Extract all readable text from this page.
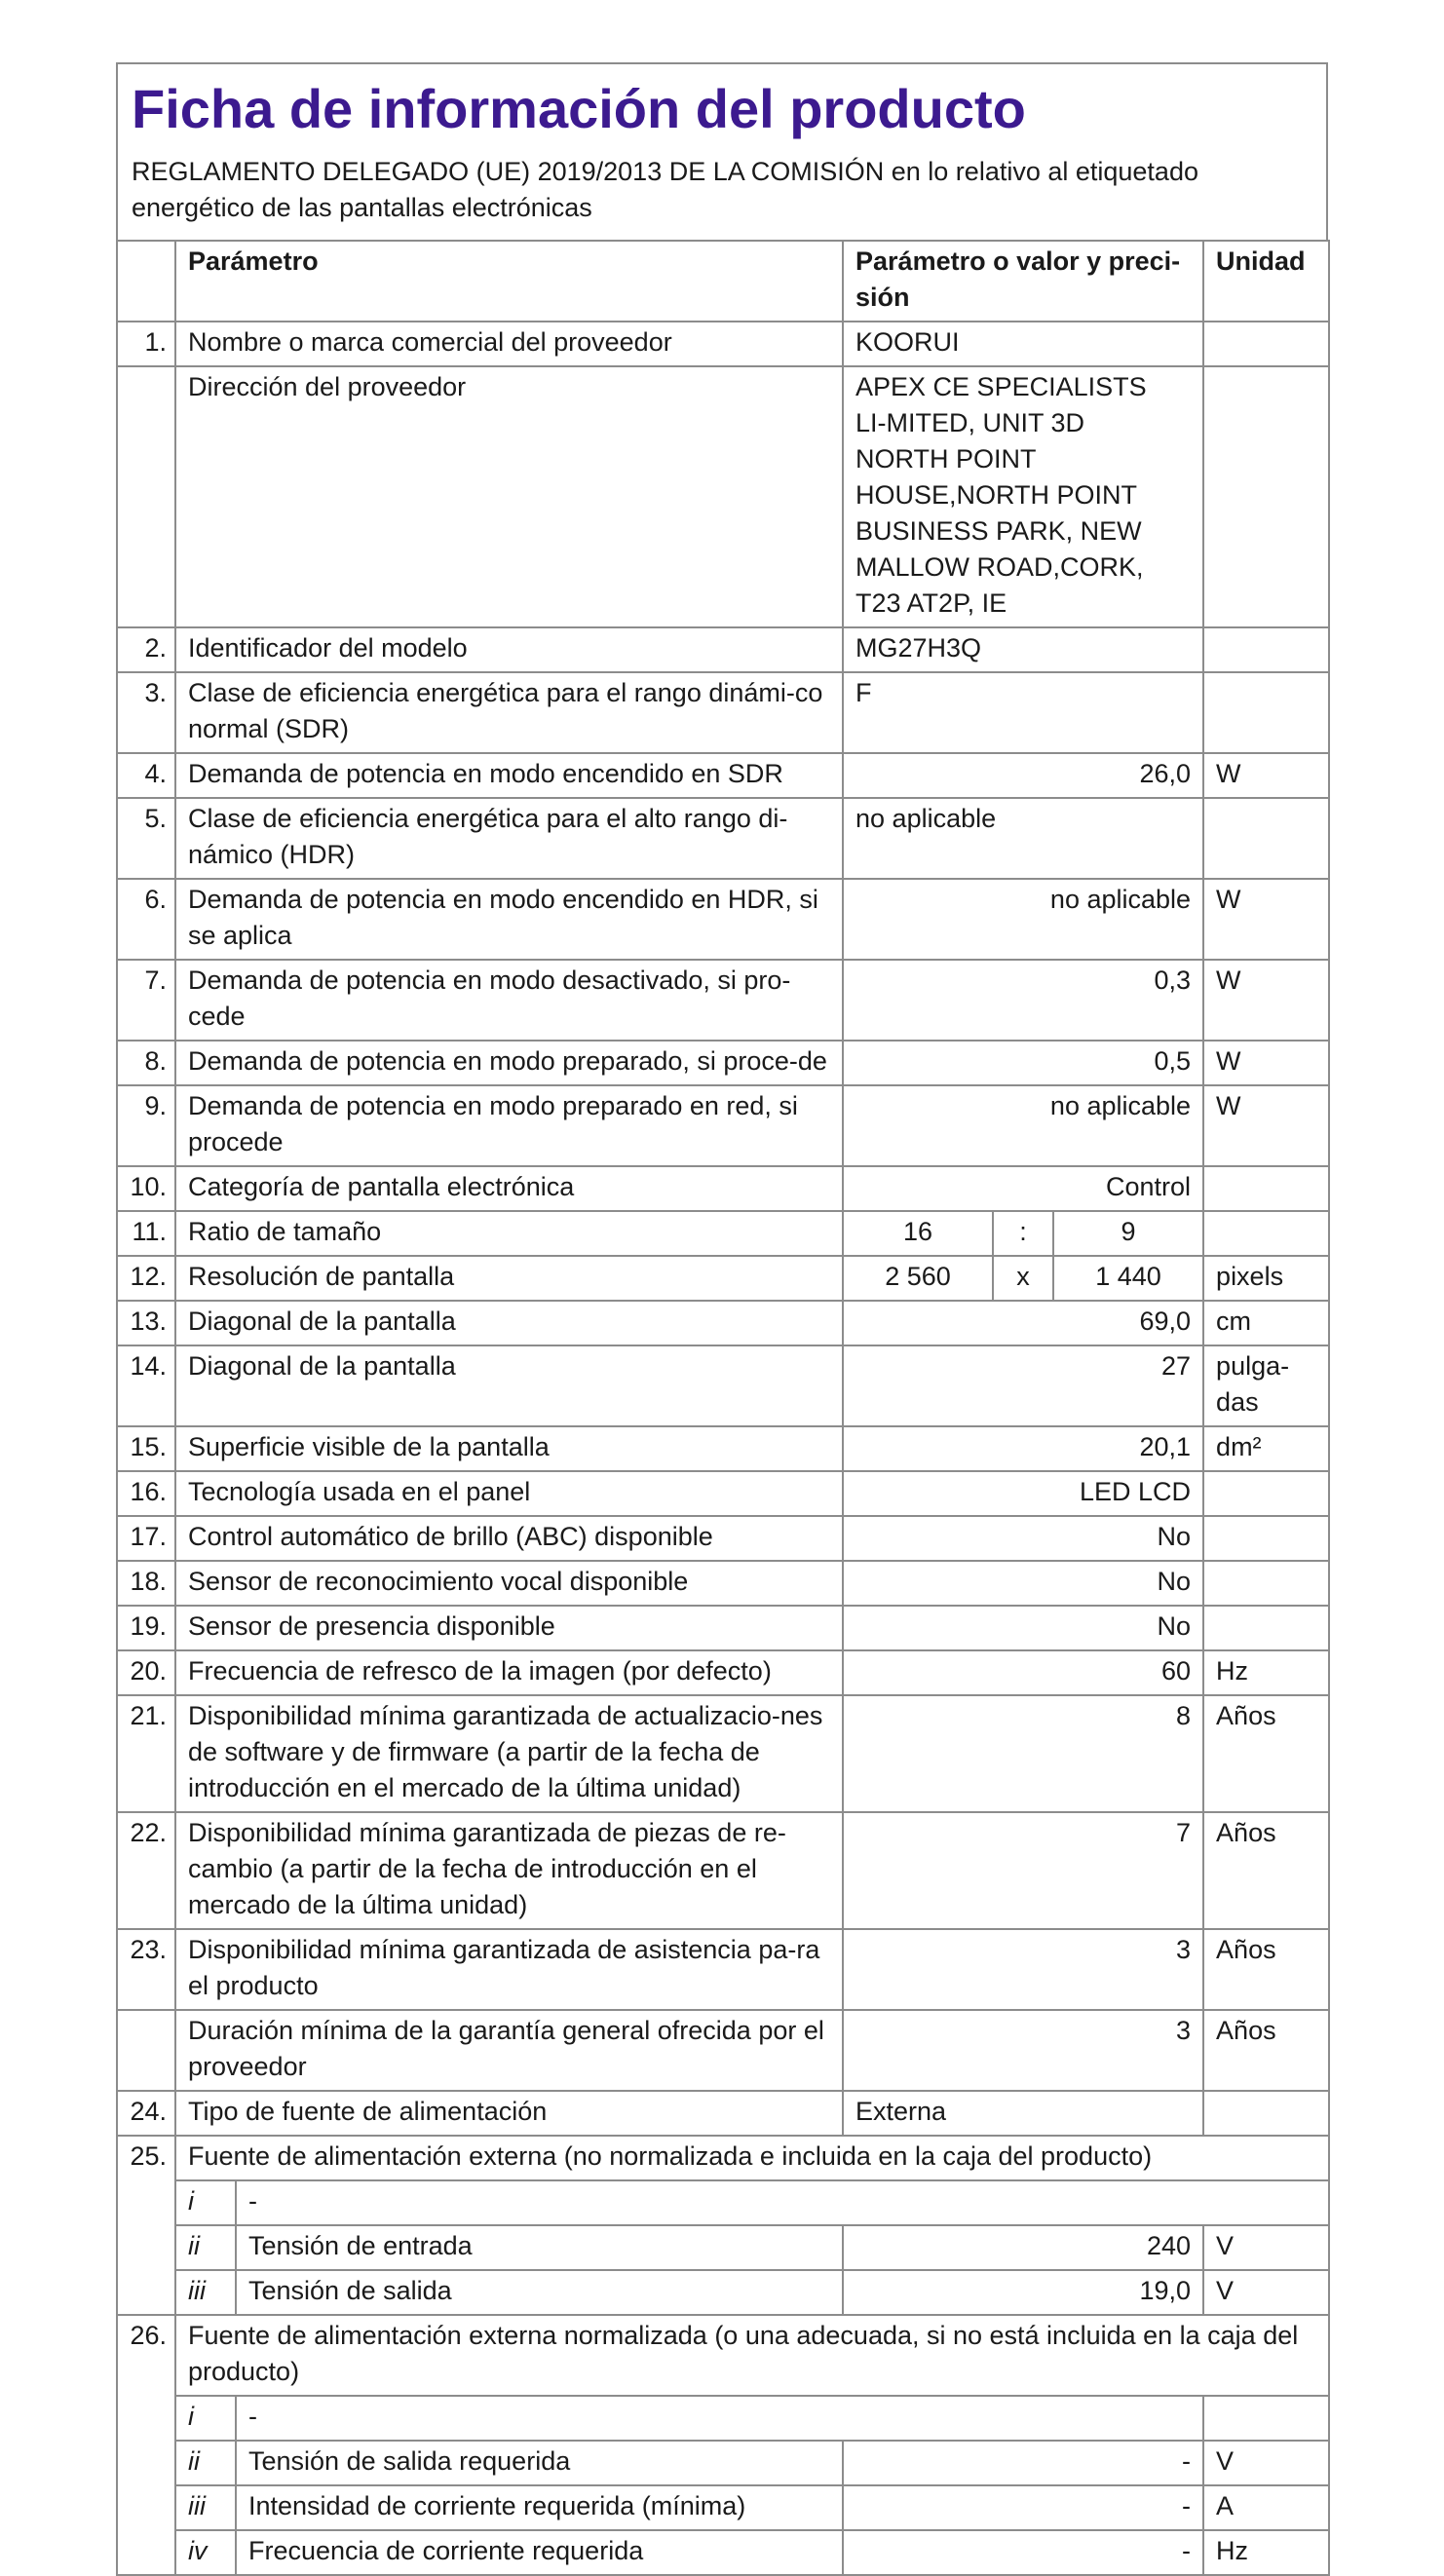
Ficha de información del producto
REGLAMENTO DELEGADO (UE) 2019/2013 DE LA COMISIÓN en lo relativo al etiquetado energético de las pantallas electrónicas
	Parámetro		Parámetro o valor y preci-sión			Unidad
1.	Nombre o marca comercial del proveedor		KOORUI			
	Dirección del proveedor		APEX CE SPECIALISTS LI-MITED, UNIT 3D NORTH POINT HOUSE,NORTH POINT BUSINESS PARK, NEW MALLOW ROAD,CORK, T23 AT2P, IE			
2.	Identificador del modelo		MG27H3Q			
3.	Clase de eficiencia energética para el rango dinámi-co normal (SDR)		F			
4.	Demanda de potencia en modo encendido en SDR		26,0			W
5.	Clase de eficiencia energética para el alto rango di-námico (HDR)		no aplicable			
6.	Demanda de potencia en modo encendido en HDR, si se aplica		no aplicable			W
7.	Demanda de potencia en modo desactivado, si pro-cede		0,3			W
8.	Demanda de potencia en modo preparado, si proce-de		0,5			W
9.	Demanda de potencia en modo preparado en red, si procede		no aplicable			W
10.	Categoría de pantalla electrónica		Control			
11.	Ratio de tamaño		16	:	9	
12.	Resolución de pantalla		2 560	x	1 440	pixels
13.	Diagonal de la pantalla		69,0			cm
14.	Diagonal de la pantalla		27			pulga-das
15.	Superficie visible de la pantalla		20,1			dm²
16.	Tecnología usada en el panel		LED LCD			
17.	Control automático de brillo (ABC) disponible		No			
18.	Sensor de reconocimiento vocal disponible		No			
19.	Sensor de presencia disponible		No			
20.	Frecuencia de refresco de la imagen (por defecto)		60			Hz
21.	Disponibilidad mínima garantizada de actualizacio-nes de software y de firmware (a partir de la fecha de introducción en el mercado de la última unidad)		8			Años
22.	Disponibilidad mínima garantizada de piezas de re-cambio (a partir de la fecha de introducción en el mercado de la última unidad)		7			Años
23.	Disponibilidad mínima garantizada de asistencia pa-ra el producto		3			Años
	Duración mínima de la garantía general ofrecida por el proveedor		3			Años
24.	Tipo de fuente de alimentación		Externa			
25.	Fuente de alimentación externa (no normalizada e incluida en la caja del producto)					
	i	-				
	ii	Tensión de entrada	240			V
	iii	Tensión de salida	19,0			V
26.	Fuente de alimentación externa normalizada (o una adecuada, si no está incluida en la caja del producto)					
	i	-				
	ii	Tensión de salida requerida	-			V
	iii	Intensidad de corriente requerida (mínima)	-			A
	iv	Frecuencia de corriente requerida	-			Hz
